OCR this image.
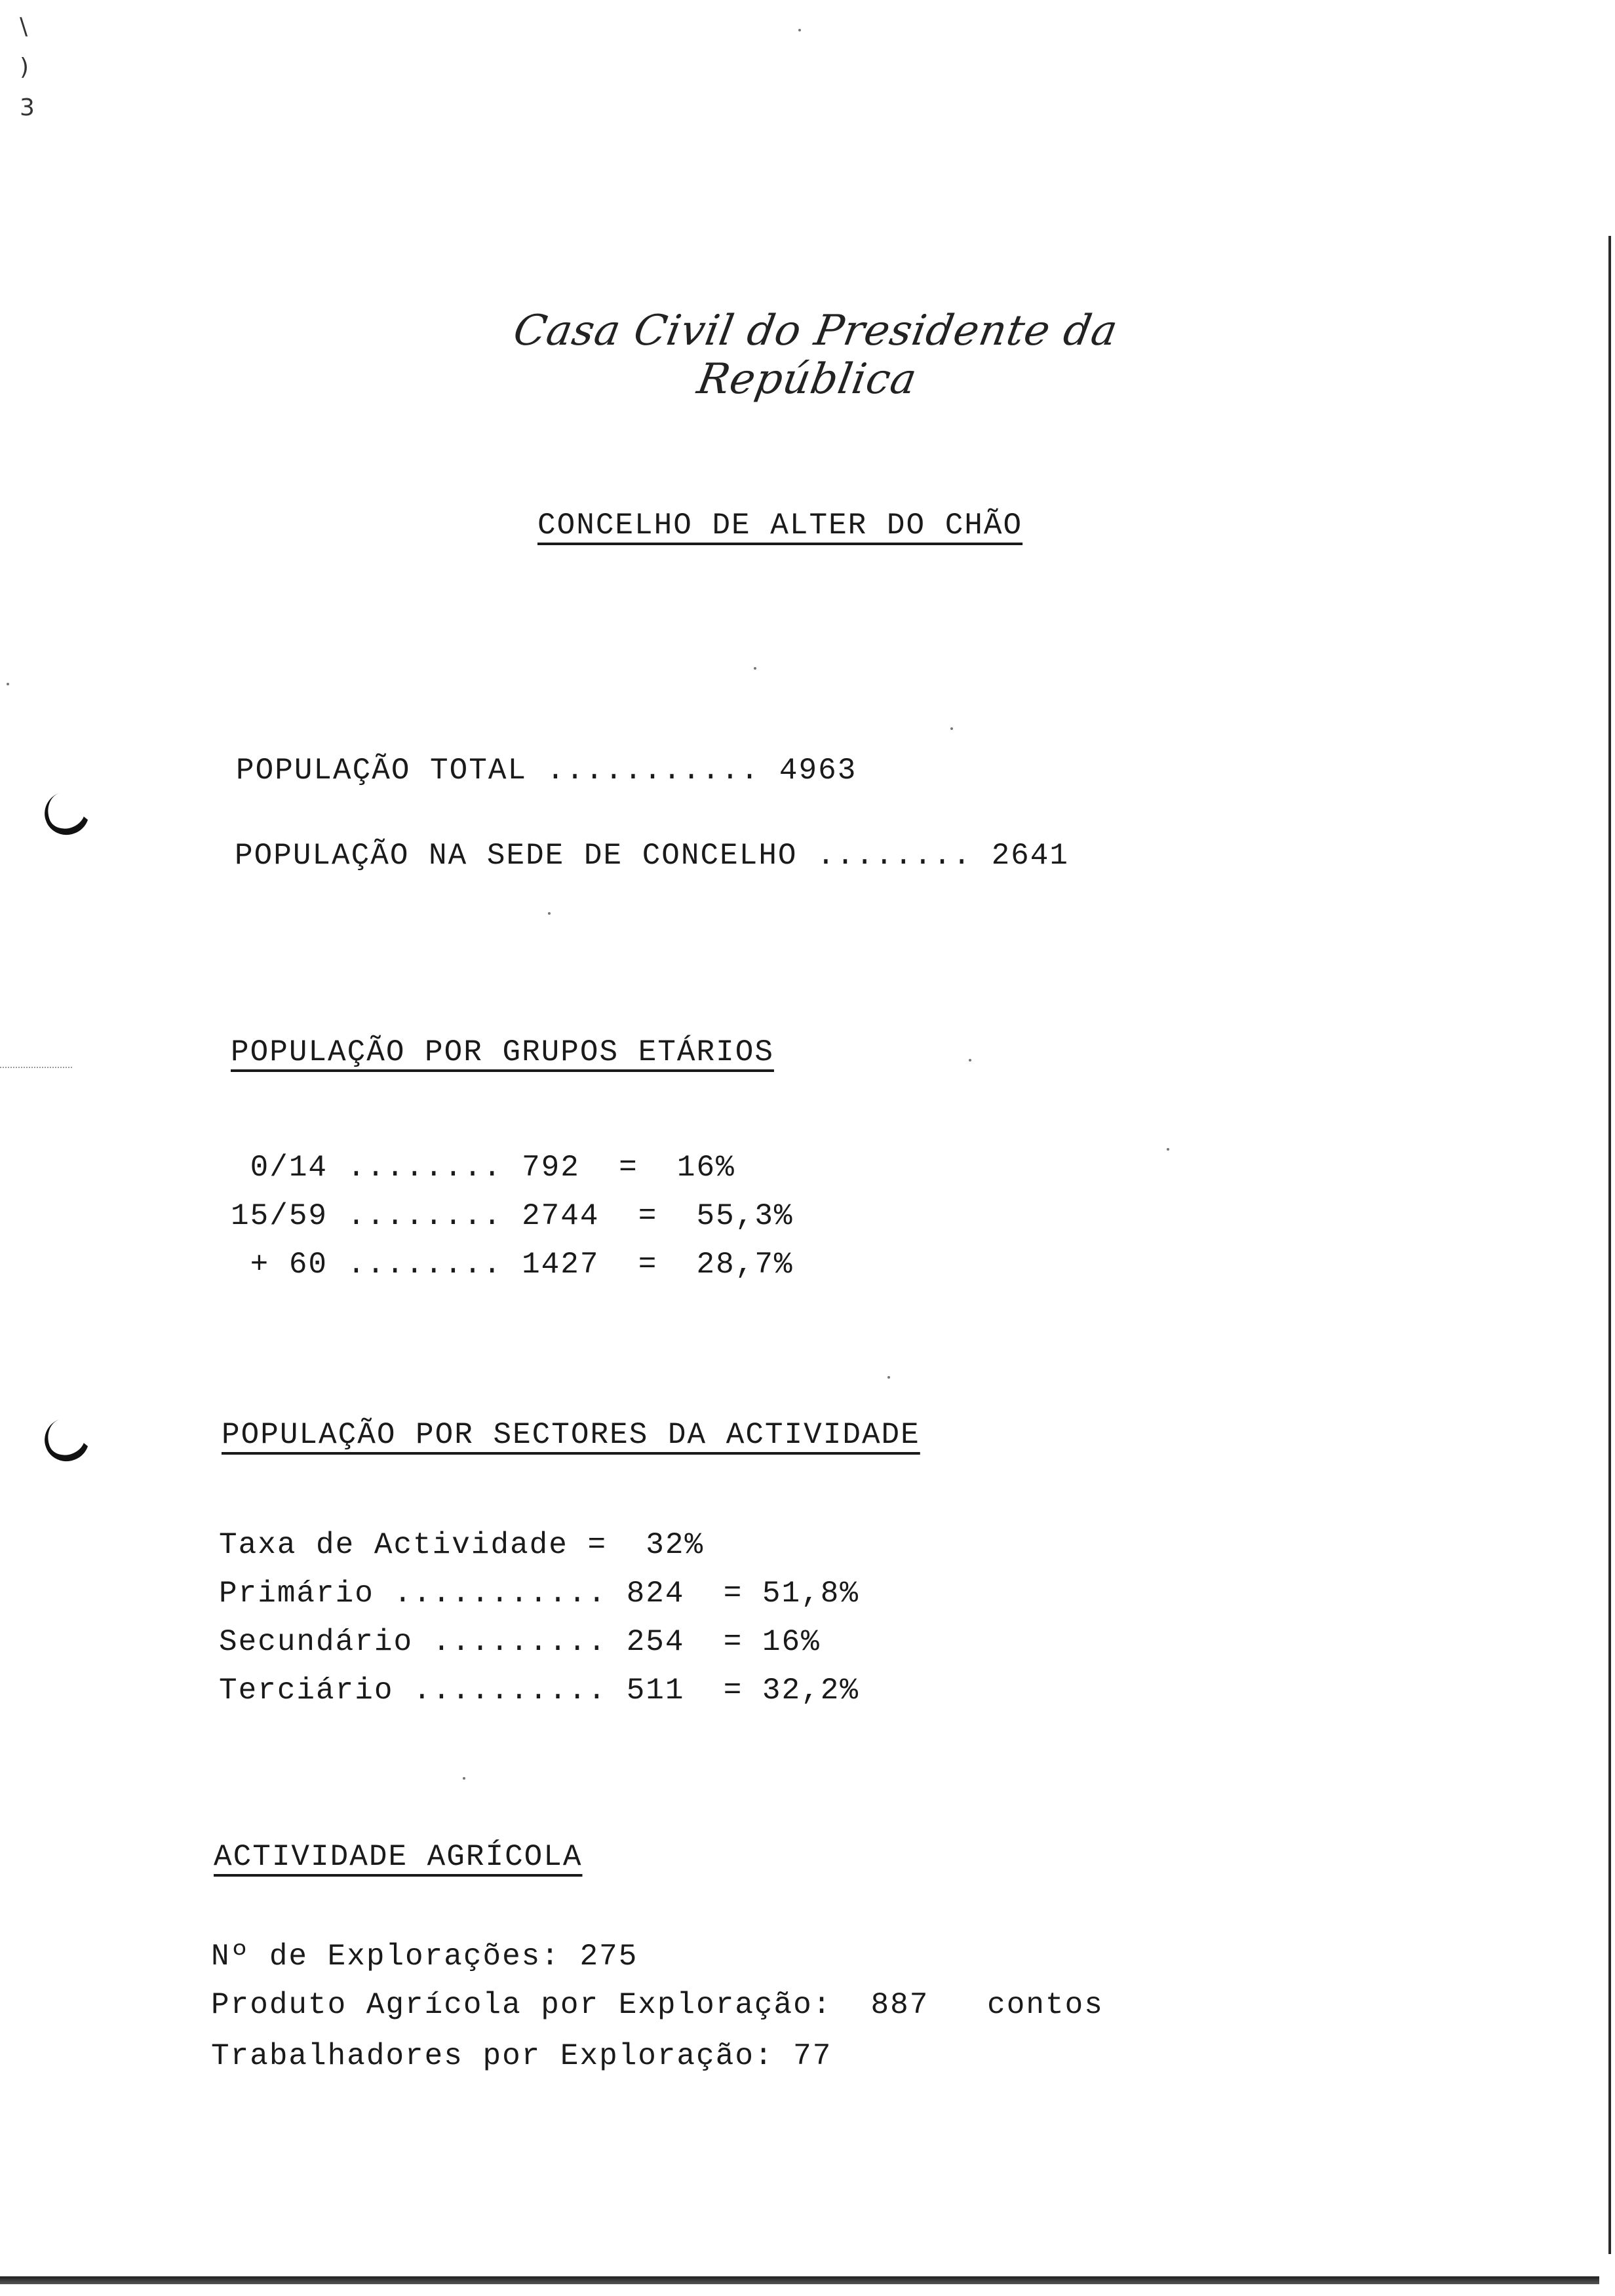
\
)
3
Casa Civil do Presidente da República
CONCELHO DE ALTER DO CHÃO
POPULAÇÃO TOTAL ........... 4963
POPULAÇÃO NA SEDE DE CONCELHO ........ 2641
POPULAÇÃO POR GRUPOS ETÁRIOS
0/14 ........ 792  =  16%
15/59 ........ 2744  =  55,3%
+ 60 ........ 1427  =  28,7%
POPULAÇÃO POR SECTORES DA ACTIVIDADE
Taxa de Actividade =  32%
Primário ........... 824  = 51,8%
Secundário ......... 254  = 16%
Terciário .......... 511  = 32,2%
ACTIVIDADE AGRÍCOLA
Nº de Explorações: 275
Produto Agrícola por Exploração:  887   contos
Trabalhadores por Exploração: 77
